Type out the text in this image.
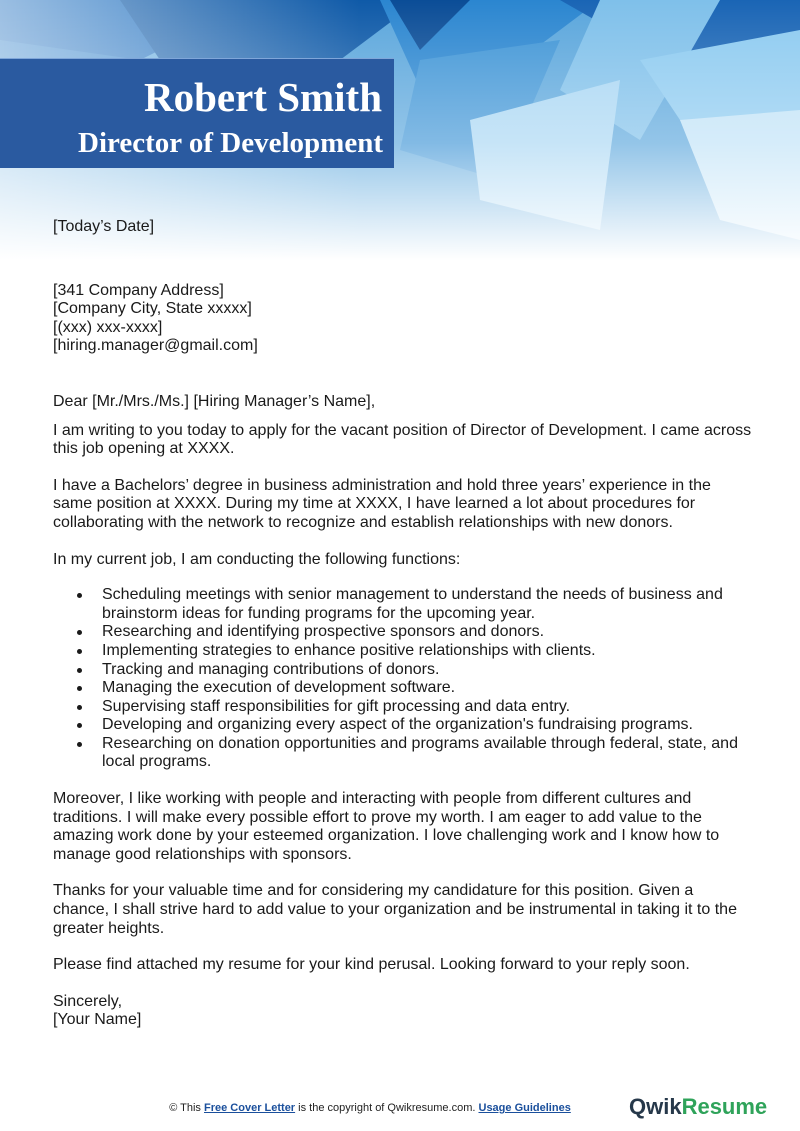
Robert Smith
Director of Development

[Today’s Date]

[341 Company Address]

[Company City, State xxxxx]

[(xxx) xxx-xxxx]

[hiring.manager@gmail.com]

Dear [Mr./Mrs./Ms.] [Hiring Manager’s Name],

I am writing to you today to apply for the vacant position of Director of Development. I came across this job opening at XXXX.

I have a Bachelors’ degree in business administration and hold three years’ experience in the same position at XXXX. During my time at XXXX, I have learned a lot about procedures for collaborating with the network to recognize and establish relationships with new donors.

In my current job, I am conducting the following functions:

Scheduling meetings with senior management to understand the needs of business and brainstorm ideas for funding programs for the upcoming year.
Researching and identifying prospective sponsors and donors.
Implementing strategies to enhance positive relationships with clients.
Tracking and managing contributions of donors.
Managing the execution of development software.
Supervising staff responsibilities for gift processing and data entry.
Developing and organizing every aspect of the organization's fundraising programs.
Researching on donation opportunities and programs available through federal, state, and local programs.

Moreover, I like working with people and interacting with people from different cultures and traditions. I will make every possible effort to prove my worth. I am eager to add value to the amazing work done by your esteemed organization. I love challenging work and I know how to manage good relationships with sponsors.

Thanks for your valuable time and for considering my candidature for this position. Given a chance, I shall strive hard to add value to your organization and be instrumental in taking it to the greater heights.

Please find attached my resume for your kind perusal. Looking forward to your reply soon.

Sincerely,

[Your Name]

© This Free Cover Letter is the copyright of Qwikresume.com. Usage Guidelines	QwikResume
